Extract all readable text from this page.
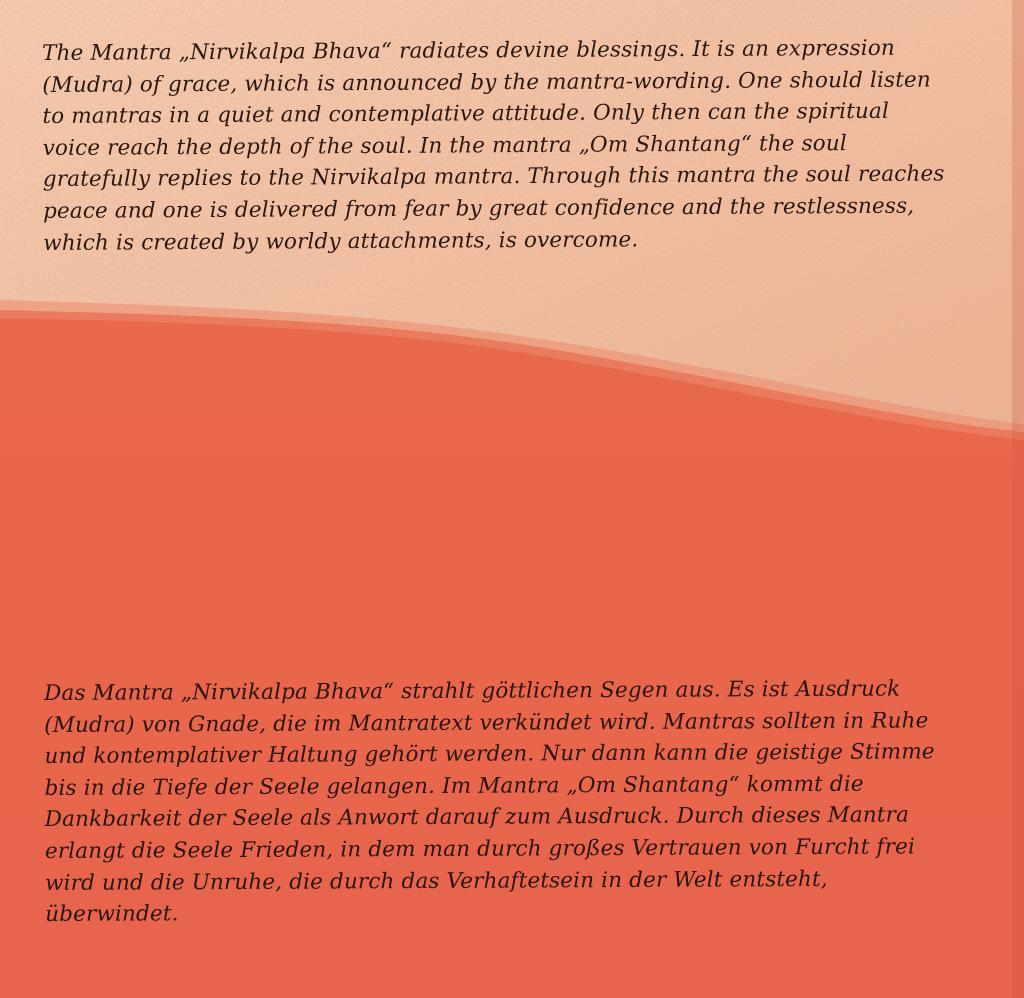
The Mantra „Nirvikalpa Bhava“ radiates devine blessings. It is an expression
(Mudra) of grace, which is announced by the mantra-wording. One should listen
to mantras in a quiet and contemplative attitude. Only then can the spiritual
voice reach the depth of the soul. In the mantra „Om Shantang“ the soul
gratefully replies to the Nirvikalpa mantra. Through this mantra the soul reaches
peace and one is delivered from fear by great confidence and the restlessness,
which is created by worldy attachments, is overcome.
Das Mantra „Nirvikalpa Bhava“ strahlt göttlichen Segen aus. Es ist Ausdruck
(Mudra) von Gnade, die im Mantratext verkündet wird. Mantras sollten in Ruhe
und kontemplativer Haltung gehört werden. Nur dann kann die geistige Stimme
bis in die Tiefe der Seele gelangen. Im Mantra „Om Shantang“ kommt die
Dankbarkeit der Seele als Anwort darauf zum Ausdruck. Durch dieses Mantra
erlangt die Seele Frieden, in dem man durch großes Vertrauen von Furcht frei
wird und die Unruhe, die durch das Verhaftetsein in der Welt entsteht,
überwindet.
